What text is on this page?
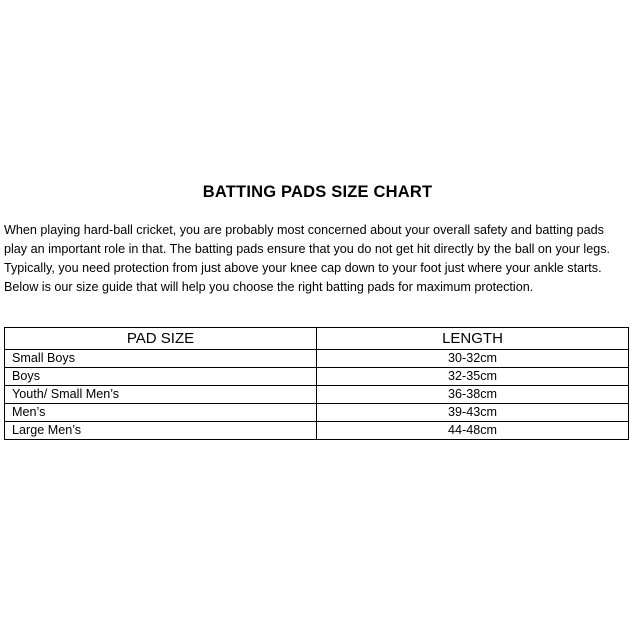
BATTING PADS SIZE CHART

When playing hard-ball cricket, you are probably most concerned about your overall safety and batting pads play an important role in that. The batting pads ensure that you do not get hit directly by the ball on your legs. Typically, you need protection from just above your knee cap down to your foot just where your ankle starts. Below is our size guide that will help you choose the right batting pads for maximum protection.

PAD SIZE	LENGTH
Small Boys	30-32cm
Boys	32-35cm
Youth/ Small Men’s	36-38cm
Men’s	39-43cm
Large Men’s	44-48cm
